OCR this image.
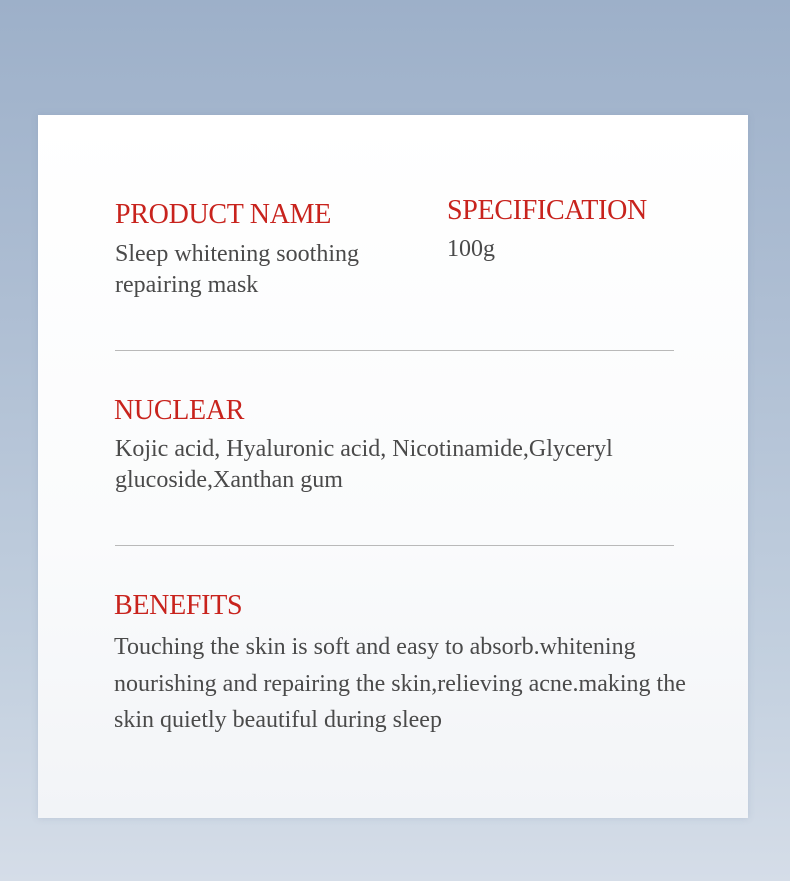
PRODUCT NAME

Sleep whitening soothing repairing mask

SPECIFICATION

100g

NUCLEAR

Kojic acid, Hyaluronic acid, Nicotinamide,Glyceryl glucoside,Xanthan gum

BENEFITS

Touching the skin is soft and easy to absorb.whitening nourishing and repairing the skin,relieving acne.making the skin quietly beautiful during sleep
